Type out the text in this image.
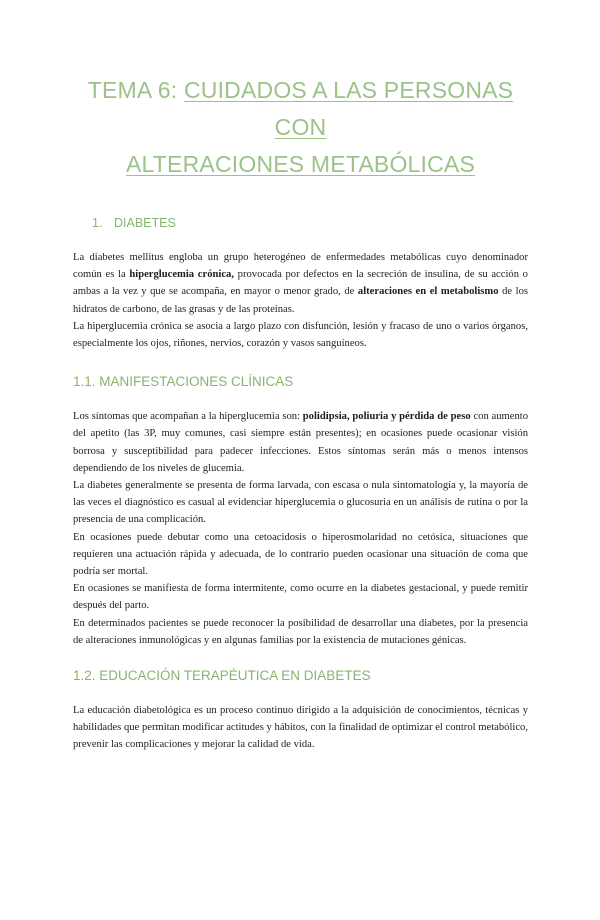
TEMA 6: CUIDADOS A LAS PERSONAS CON
ALTERACIONES METABÓLICAS
1. DIABETES

La diabetes mellitus engloba un grupo heterogéneo de enfermedades metabólicas cuyo denominador común es la hiperglucemia crónica, provocada por defectos en la secreción de insulina, de su acción o ambas a la vez y que se acompaña, en mayor o menor grado, de alteraciones en el metabolismo de los hidratos de carbono, de las grasas y de las proteínas.

La hiperglucemia crónica se asocia a largo plazo con disfunción, lesión y fracaso de uno o varios órganos, especialmente los ojos, riñones, nervios, corazón y vasos sanguíneos.

1.1. MANIFESTACIONES CLÍNICAS

Los síntomas que acompañan a la hiperglucemia son: polidipsia, poliuria y pérdida de peso con aumento del apetito (las 3P, muy comunes, casi siempre están presentes); en ocasiones puede ocasionar visión borrosa y susceptibilidad para padecer infecciones. Estos síntomas serán más o menos intensos dependiendo de los niveles de glucemia.

La diabetes generalmente se presenta de forma larvada, con escasa o nula sintomatología y, la mayoría de las veces el diagnóstico es casual al evidenciar hiperglucemia o glucosuria en un análisis de rutina o por la presencia de una complicación.

En ocasiones puede debutar como una cetoacidosis o hiperosmolaridad no cetósica, situaciones que requieren una actuación rápida y adecuada, de lo contrario pueden ocasionar una situación de coma que podría ser mortal.

En ocasiones se manifiesta de forma intermitente, como ocurre en la diabetes gestacional, y puede remitir después del parto.

En determinados pacientes se puede reconocer la posibilidad de desarrollar una diabetes, por la presencia de alteraciones inmunológicas y en algunas familias por la existencia de mutaciones génicas.

1.2. EDUCACIÓN TERAPÉUTICA EN DIABETES

La educación diabetológica es un proceso continuo dirigido a la adquisición de conocimientos, técnicas y habilidades que permitan modificar actitudes y hábitos, con la finalidad de optimizar el control metabólico, prevenir las complicaciones y mejorar la calidad de vida.
